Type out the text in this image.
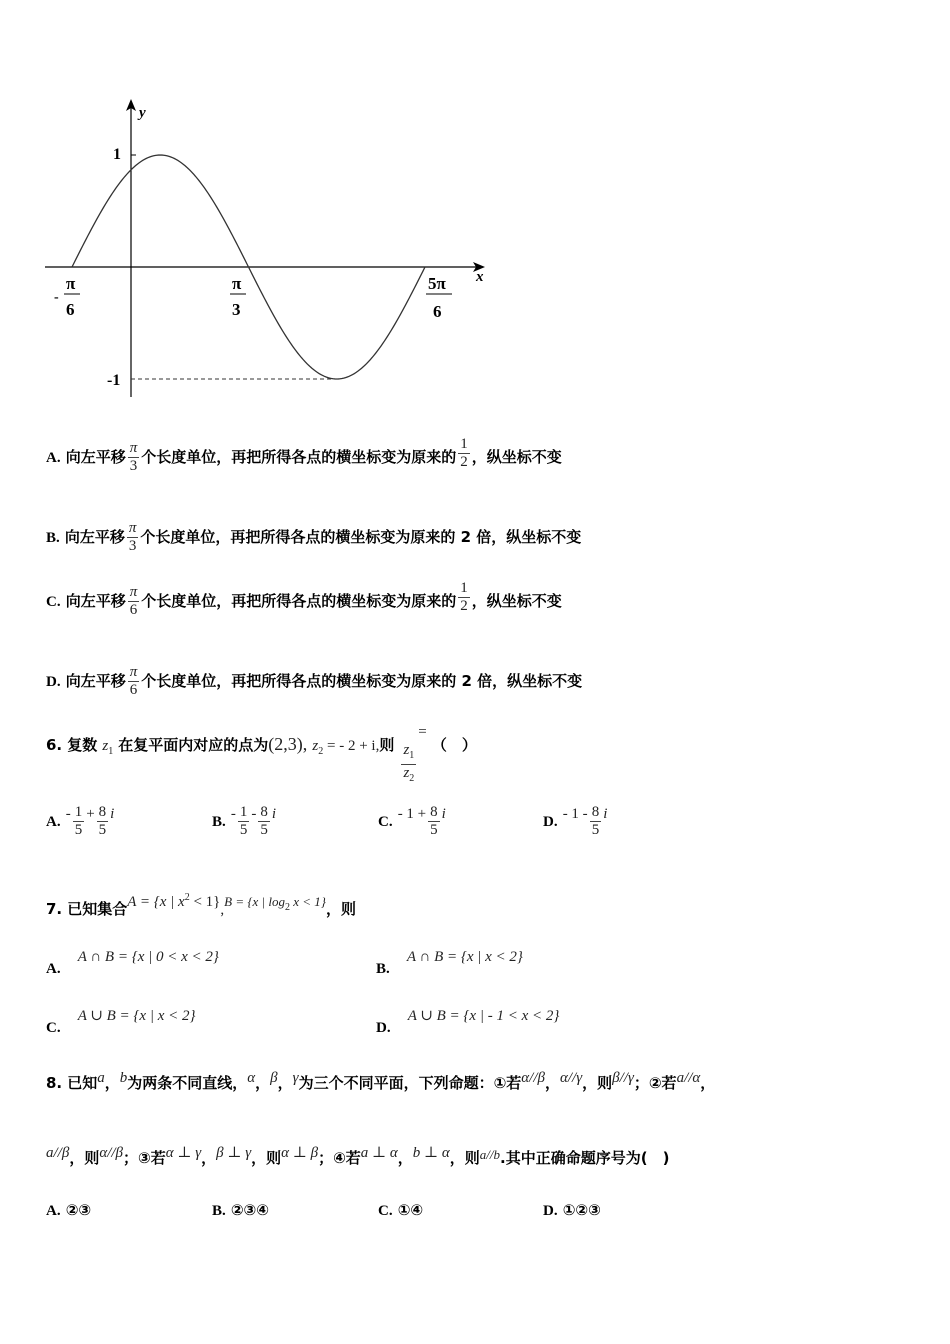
y
x
1
-1
π
-
6
π
3
5π
6
A. 向左平移 $\frac{\pi}{3}$ 个长度单位，再把所得各点的横坐标变为原来的 $\frac{1}{2}$ ，纵坐标不变
B. 向左平移 $\frac{\pi}{3}$ 个长度单位，再把所得各点的横坐标变为原来的 2 倍，纵坐标不变
C. 向左平移 $\frac{\pi}{6}$ 个长度单位，再把所得各点的横坐标变为原来的 $\frac{1}{2}$ ，纵坐标不变
D. 向左平移 $\frac{\pi}{6}$ 个长度单位，再把所得各点的横坐标变为原来的 2 倍，纵坐标不变
6. 复数 $z_1$ 在复平面内对应的点为(2,3), $z_2$ = - 2 + i,则 $\frac{z_1}{z_2}$
= （　）
A. - $\frac{1}{5} + \frac{8}{5}$ i	B. - $\frac{1}{5} - \frac{8}{5}$ i	C. - $1 + \frac{8}{5}$ i	D. - $1 - \frac{8}{5}$ i
7. 已知集合A = {x | $x^2 < 1\},^{B = \{x | log2}$ $^{x < 1\}}$，则
A. A ∩ B = {x | 0 < x < 2}
B. A ∩ B = {x | x < 2}
C. A ∪ B = {x | x < 2}
D. A ∪ B = {x | - 1 < x < 2}
8. 已知a，b为两条不同直线，α，β，γ为三个不同平面，下列命题：①若α//β，α//γ，则β//γ；②若a//α，
a//β，则α//β；③若α ⊥ γ，β ⊥ γ，则α ⊥ β；④若a ⊥ α，b ⊥ α，则$^{a//b}$.其中正确命题序号为(　)
A. ②③	B. ②③④	C. ①④	D. ①②③
